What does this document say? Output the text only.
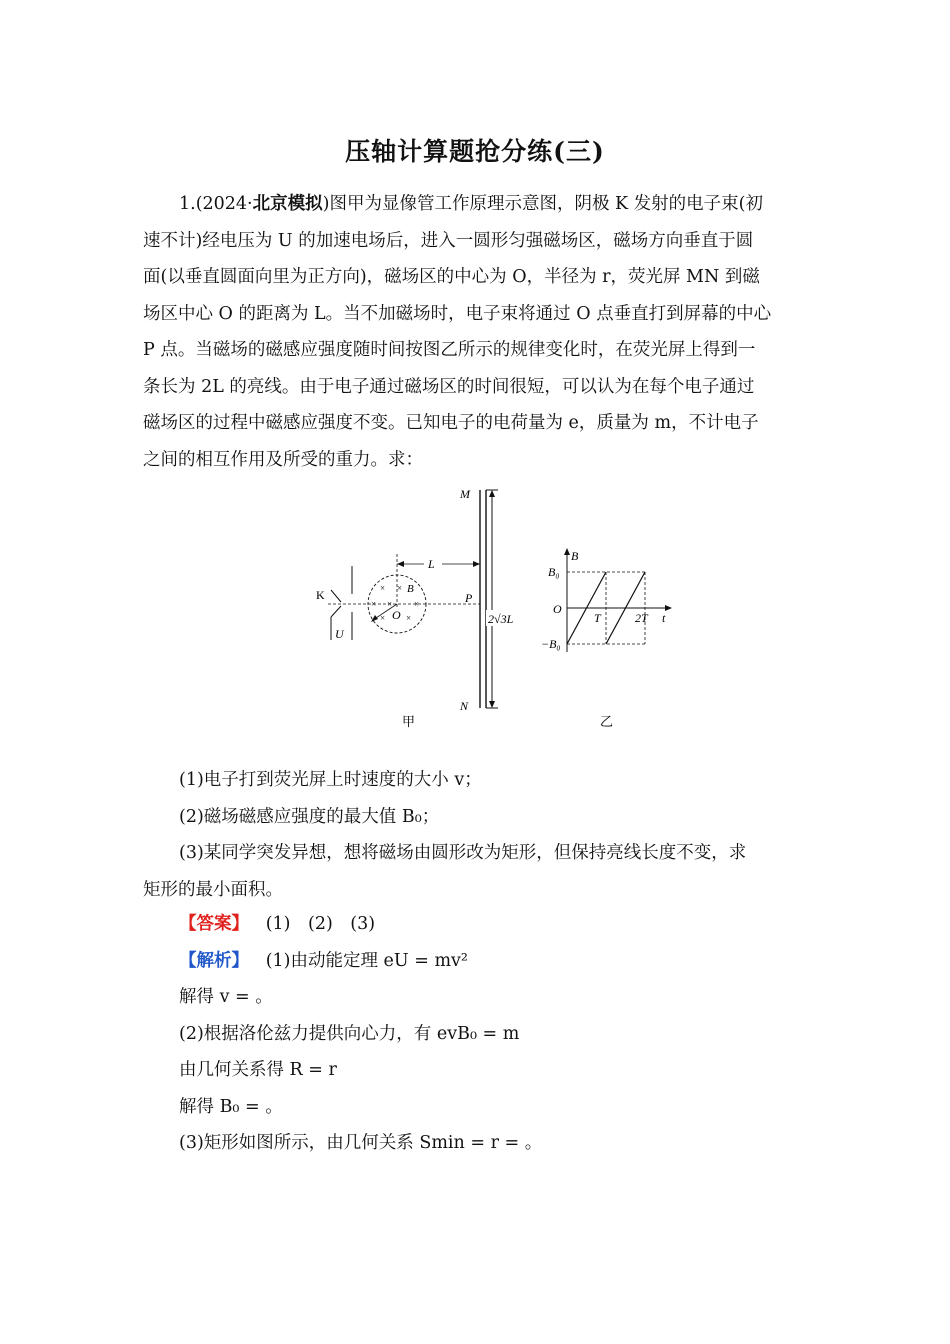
压轴计算题抢分练(三)
1.(2024·北京模拟)图甲为显像管工作原理示意图，阴极 K 发射的电子束(初
速不计)经电压为 U 的加速电场后，进入一圆形匀强磁场区，磁场方向垂直于圆
面(以垂直圆面向里为正方向)，磁场区的中心为 O，半径为 r，荧光屏 MN 到磁
场区中心 O 的距离为 L。当不加磁场时，电子束将通过 O 点垂直打到屏幕的中心
P 点。当磁场的磁感应强度随时间按图乙所示的规律变化时，在荧光屏上得到一
条长为 2L 的亮线。由于电子通过磁场区的时间很短，可以认为在每个电子通过
磁场区的过程中磁感应强度不变。已知电子的电荷量为 e，质量为 m，不计电子
之间的相互作用及所受的重力。求：
2√3L
M
N
P
L
O
B
× ×
× × ×
× ×
K
U
甲
B
t
O
B₀
−B₀
T	2T
乙
(1)电子打到荧光屏上时速度的大小 v；
(2)磁场磁感应强度的最大值 B₀；
(3)某同学突发异想，想将磁场由圆形改为矩形，但保持亮线长度不变，求
矩形的最小面积。
【答案】 (1)　(2)　(3)
【解析】 (1)由动能定理 eU = mv²
解得 v = 。
(2)根据洛伦兹力提供向心力，有 evB₀ = m
由几何关系得 R = r
解得 B₀ = 。
(3)矩形如图所示，由几何关系 Smin = r = 。
